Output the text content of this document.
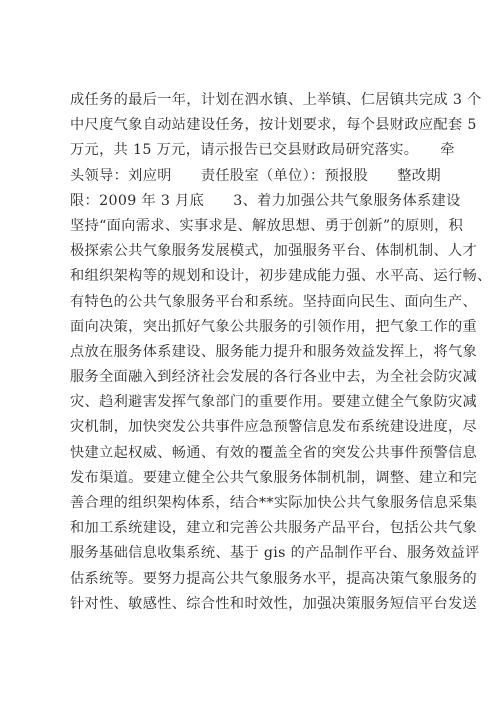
成任务的最后一年，计划在泗水镇、上举镇、仁居镇共完成 3 个
中尺度气象自动站建设任务，按计划要求，每个县财政应配套 5
万元，共 15 万元，请示报告已交县财政局研究落实。　　牵
头领导：刘应明　　责任股室（单位）：预报股　　整改期
限：2009 年 3 月底　　3、着力加强公共气象服务体系建设
坚持“面向需求、实事求是、解放思想、勇于创新”的原则，积
极探索公共气象服务发展模式，加强服务平台、体制机制、人才
和组织架构等的规划和设计，初步建成能力强、水平高、运行畅、
有特色的公共气象服务平台和系统。坚持面向民生、面向生产、
面向决策，突出抓好气象公共服务的引领作用，把气象工作的重
点放在服务体系建设、服务能力提升和服务效益发挥上，将气象
服务全面融入到经济社会发展的各行各业中去，为全社会防灾减
灾、趋利避害发挥气象部门的重要作用。要建立健全气象防灾减
灾机制，加快突发公共事件应急预警信息发布系统建设进度，尽
快建立起权威、畅通、有效的覆盖全省的突发公共事件预警信息
发布渠道。要建立健全公共气象服务体制机制，调整、建立和完
善合理的组织架构体系，结合**实际加快公共气象服务信息采集
和加工系统建设，建立和完善公共服务产品平台，包括公共气象
服务基础信息收集系统、基于 gis 的产品制作平台、服务效益评
估系统等。要努力提高公共气象服务水平，提高决策气象服务的
针对性、敏感性、综合性和时效性，加强决策服务短信平台发送
